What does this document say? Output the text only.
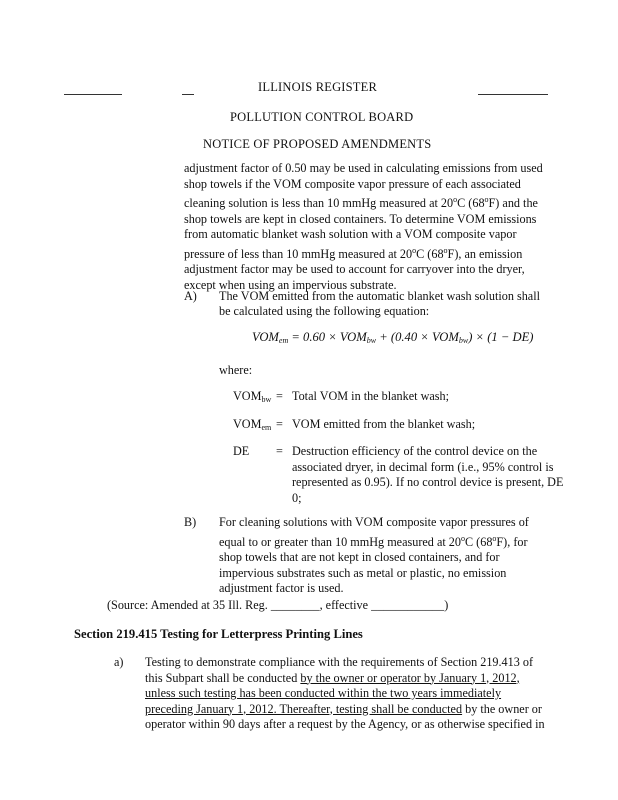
ILLINOIS REGISTER
POLLUTION CONTROL BOARD
NOTICE OF PROPOSED AMENDMENTS
adjustment factor of 0.50 may be used in calculating emissions from used
shop towels if the VOM composite vapor pressure of each associated
cleaning solution is less than 10 mmHg measured at 20$^o$C (68$^o$F) and the
shop towels are kept in closed containers. To determine VOM emissions
from automatic blanket wash solution with a VOM composite vapor
pressure of less than 10 mmHg measured at 20$^o$C (68$^o$F), an emission
adjustment factor may be used to account for carryover into the dryer,
except when using an impervious substrate.
A) The VOM emitted from the automatic blanket wash solution shall
be calculated using the following equation:
$VOM_{em} = 0.60 \times VOM_{bw} + (0.40 \times VOM_{bw}) \times (1 - DE)$
where:
$VOM_{bw}$ = Total VOM in the blanket wash;
$VOM_{em}$ = VOM emitted from the blanket wash;
DE = Destruction efficiency of the control device on the
associated dryer, in decimal form (i.e., 95% control is
represented as 0.95). If no control device is present, DE
0;
B) For cleaning solutions with VOM composite vapor pressures of
equal to or greater than 10 mmHg measured at 20$^o$C (68$^o$F), for
shop towels that are not kept in closed containers, and for
impervious substrates such as metal or plastic, no emission
adjustment factor is used.
(Source: Amended at 35 Ill. Reg. ________, effective ____________)
Section 219.415 Testing for Letterpress Printing Lines
a) Testing to demonstrate compliance with the requirements of Section 219.413 of
this Subpart shall be conducted by the owner or operator by January 1, 2012,
unless such testing has been conducted within the two years immediately
preceding January 1, 2012. Thereafter, testing shall be conducted by the owner or
operator within 90 days after a request by the Agency, or as otherwise specified in
